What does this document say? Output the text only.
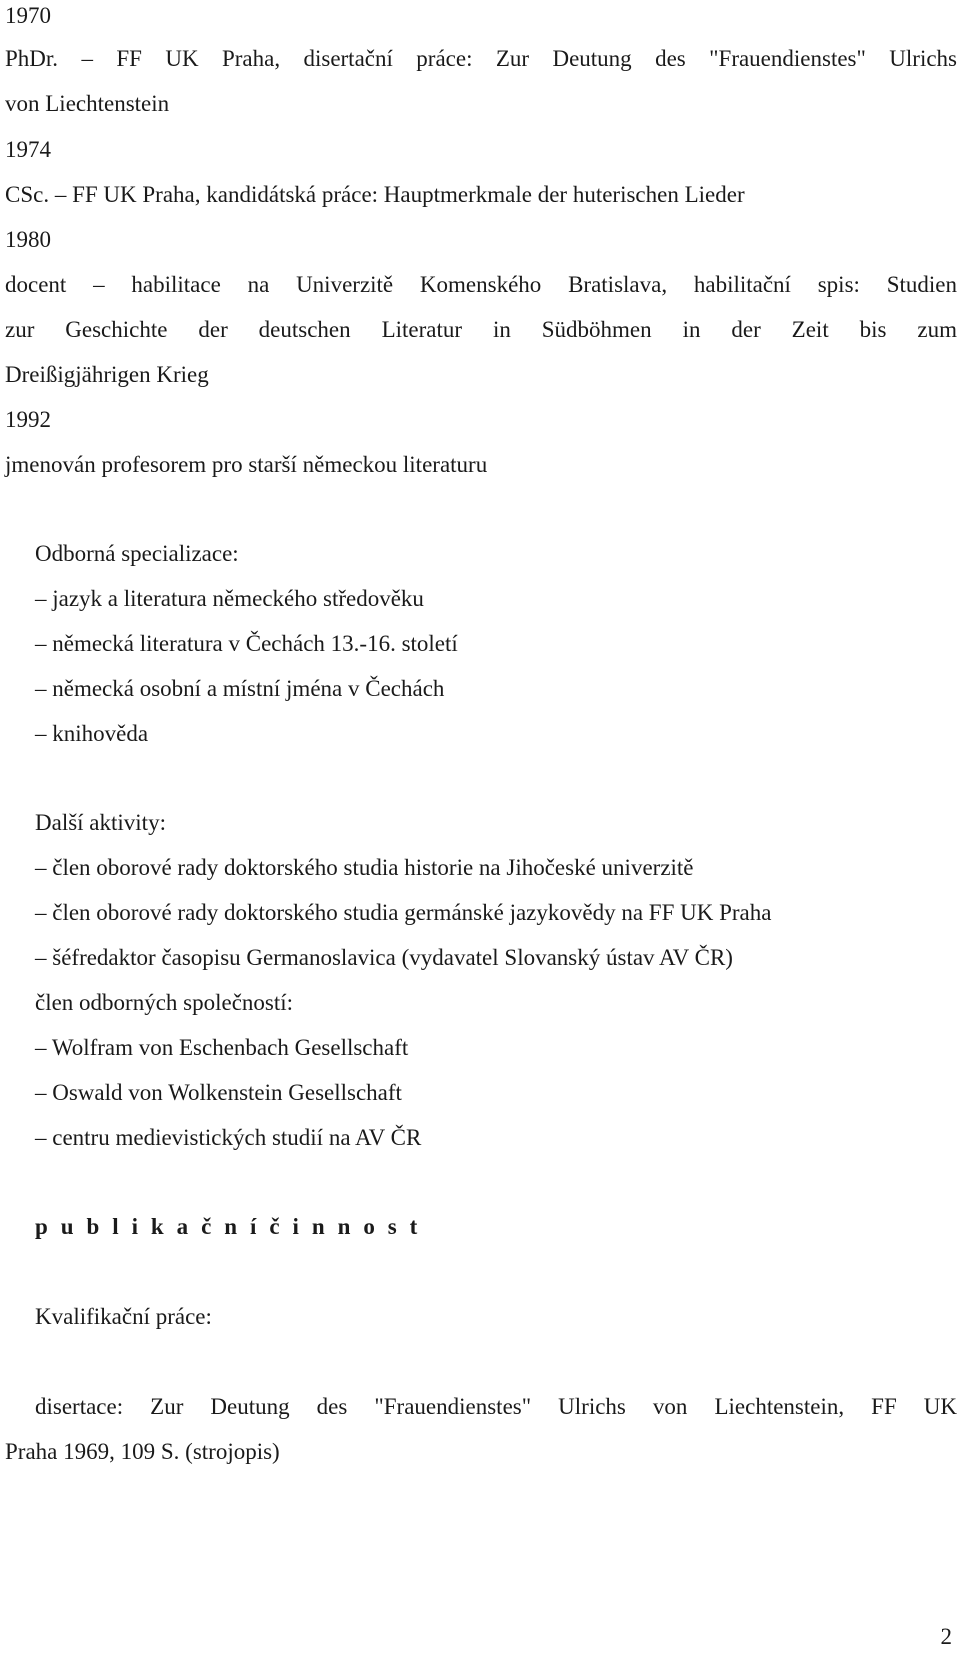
1970
PhDr. – FF UK Praha, disertační práce: Zur Deutung des "Frauendienstes" Ulrichs
von Liechtenstein
1974
CSc. – FF UK Praha, kandidátská práce: Hauptmerkmale der huterischen Lieder
1980
docent – habilitace na Univerzitě Komenského Bratislava, habilitační spis: Studien
zur Geschichte der deutschen Literatur in Südböhmen in der Zeit bis zum
Dreißigjährigen Krieg
1992
jmenován profesorem pro starší německou literaturu
Odborná specializace:
– jazyk a literatura německého středověku
– německá literatura v Čechách 13.-16. století
– německá osobní a místní jména v Čechách
– knihověda
Další aktivity:
– člen oborové rady doktorského studia historie na Jihočeské univerzitě
– člen oborové rady doktorského studia germánské jazykovědy na FF UK Praha
– šéfredaktor časopisu Germanoslavica (vydavatel Slovanský ústav AV ČR)
člen odborných společností:
– Wolfram von Eschenbach Gesellschaft
– Oswald von Wolkenstein Gesellschaft
– centru medievistických studií na AV ČR
p u b l i k a č n í č i n n o s t
Kvalifikační práce:
disertace: Zur Deutung des "Frauendienstes" Ulrichs von Liechtenstein, FF UK
Praha 1969, 109 S. (strojopis)
2
